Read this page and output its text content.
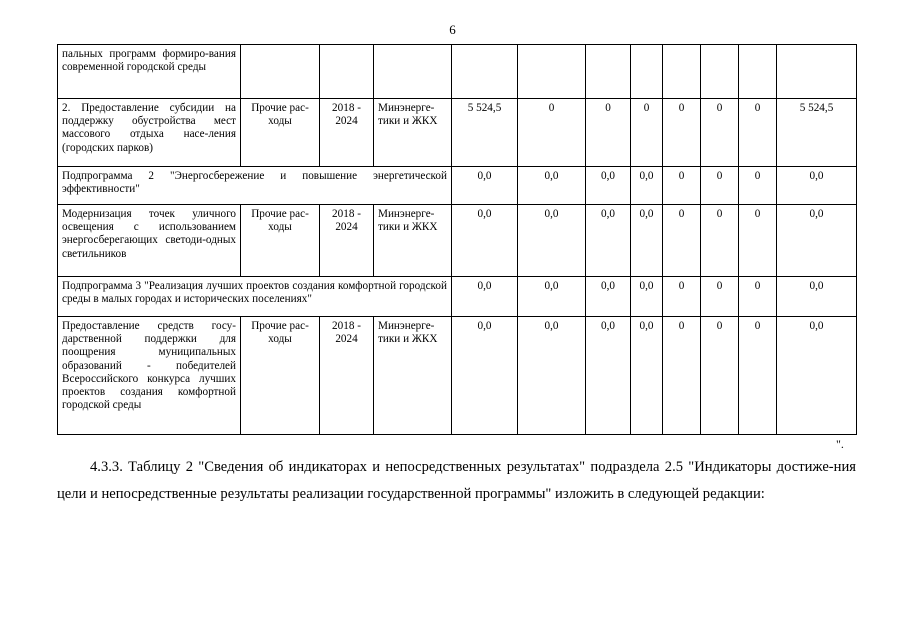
6
пальных программ формиро-вания современной городской среды											
2. Предоставление субсидии на поддержку обустройства мест массового отдыха насе-ления (городских парков)	Прочие рас-ходы	2018 - 2024	Минэнерге-тики и ЖКХ	5 524,5	0	0	0	0	0	0	5 524,5
Подпрограмма 2 "Энергосбережение и повышение энергетической эффективности"				0,0	0,0	0,0	0,0	0	0	0	0,0
Модернизация точек уличного освещения с использованием энергосберегающих светоди-одных светильников	Прочие рас-ходы	2018 - 2024	Минэнерге-тики и ЖКХ	0,0	0,0	0,0	0,0	0	0	0	0,0
Подпрограмма 3 "Реализация лучших проектов создания комфортной городской среды в малых городах и исторических поселениях"				0,0	0,0	0,0	0,0	0	0	0	0,0
Предоставление средств госу-дарственной поддержки для поощрения муниципальных образований - победителей Всероссийского конкурса лучших проектов создания комфортной городской среды	Прочие рас-ходы	2018 - 2024	Минэнерге-тики и ЖКХ	0,0	0,0	0,0	0,0	0	0	0	0,0
".

4.3.3. Таблицу 2 "Сведения об индикаторах и непосредственных результатах" подраздела 2.5 "Индикаторы достиже-ния цели и непосредственные результаты реализации государственной программы" изложить в следующей редакции:
